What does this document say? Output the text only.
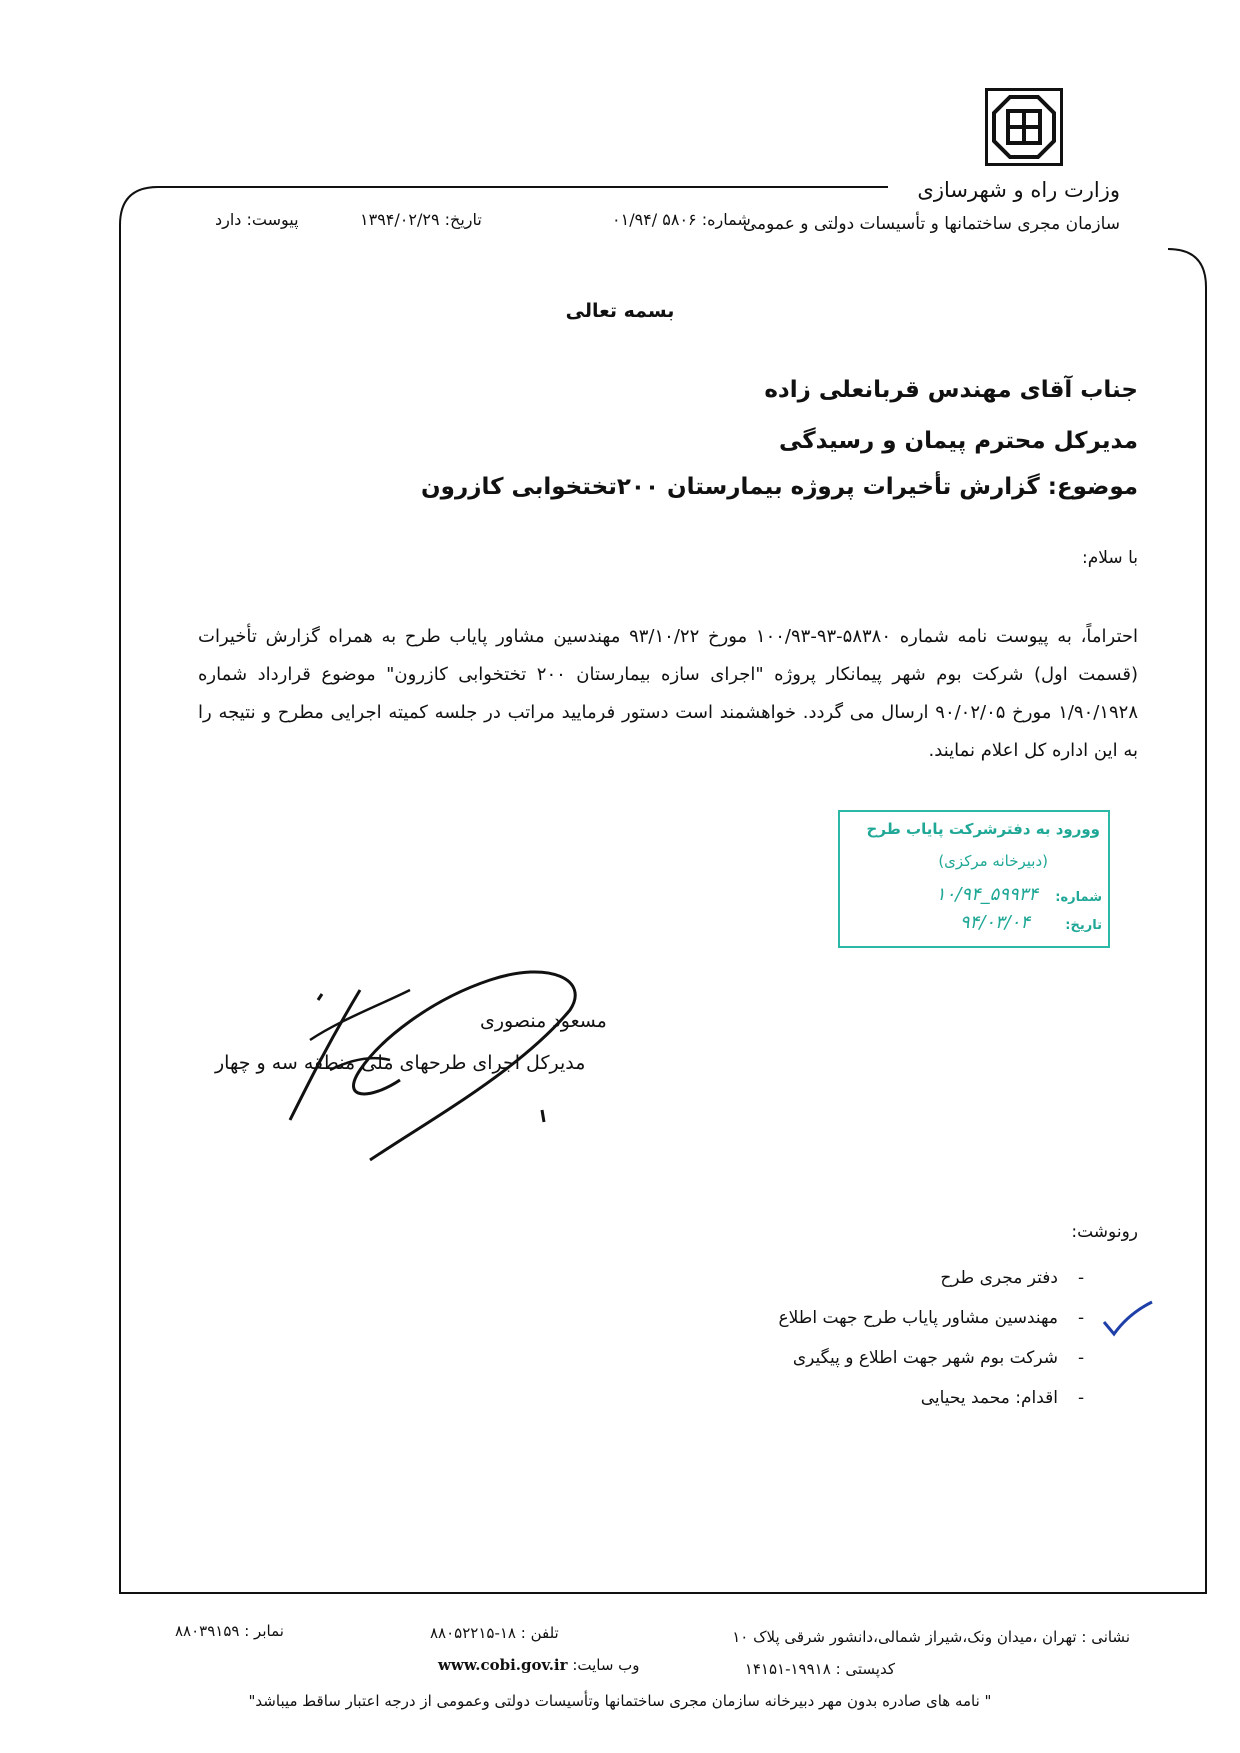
وزارت راه و شهرسازی
سازمان مجری ساختمانها و تأسیسات دولتی و عمومی
شماره: ۵۸۰۶ /۰۱/۹۴
تاریخ: ۱۳۹۴/۰۲/۲۹
پیوست: دارد
بسمه تعالی
جناب آقای مهندس قربانعلی زاده
مدیرکل محترم پیمان و رسیدگی
موضوع: گزارش تأخیرات پروژه بیمارستان ۲۰۰تختخوابی کازرون
با سلام:
احتراماً، به پیوست نامه شماره ۵۸۳۸۰-۹۳-۱۰۰/۹۳ مورخ ۹۳/۱۰/۲۲ مهندسین مشاور پایاب طرح به همراه گزارش تأخیرات (قسمت اول) شرکت بوم شهر پیمانکار پروژه "اجرای سازه بیمارستان ۲۰۰ تختخوابی کازرون" موضوع قرارداد شماره ۱/۹۰/۱۹۲۸ مورخ ۹۰/۰۲/۰۵ ارسال می گردد. خواهشمند است دستور فرمایید مراتب در جلسه کمیته اجرایی مطرح و نتیجه را به این اداره کل اعلام نمایند.
وورود به دفترشرکت پایاب طرح
(دبیرخانه مرکزی)
شماره:
۵۹۹۳۴_۱۰/۹۴
تاریخ:
۹۴/۰۳/۰۴
مسعود منصوری
مدیرکل اجرای طرحهای ملی منطقه سه و چهار
رونوشت:
-
دفتر مجری طرح
-
مهندسین مشاور پایاب طرح جهت اطلاع
-
شرکت بوم شهر جهت اطلاع و پیگیری
-
اقدام: محمد یحیایی
نشانی : تهران ،میدان ونک،شیراز شمالی،دانشور شرقی پلاک ۱۰
تلفن : ۱۸-۸۸۰۵۲۲۱۵
نمابر : ۸۸۰۳۹۱۵۹
کدپستی : ۱۹۹۱۸-۱۴۱۵۱
وب سایت: www.cobi.gov.ir
" نامه های صادره بدون مهر دبیرخانه سازمان مجری ساختمانها وتأسیسات دولتی وعمومی از درجه اعتبار ساقط میباشد"
